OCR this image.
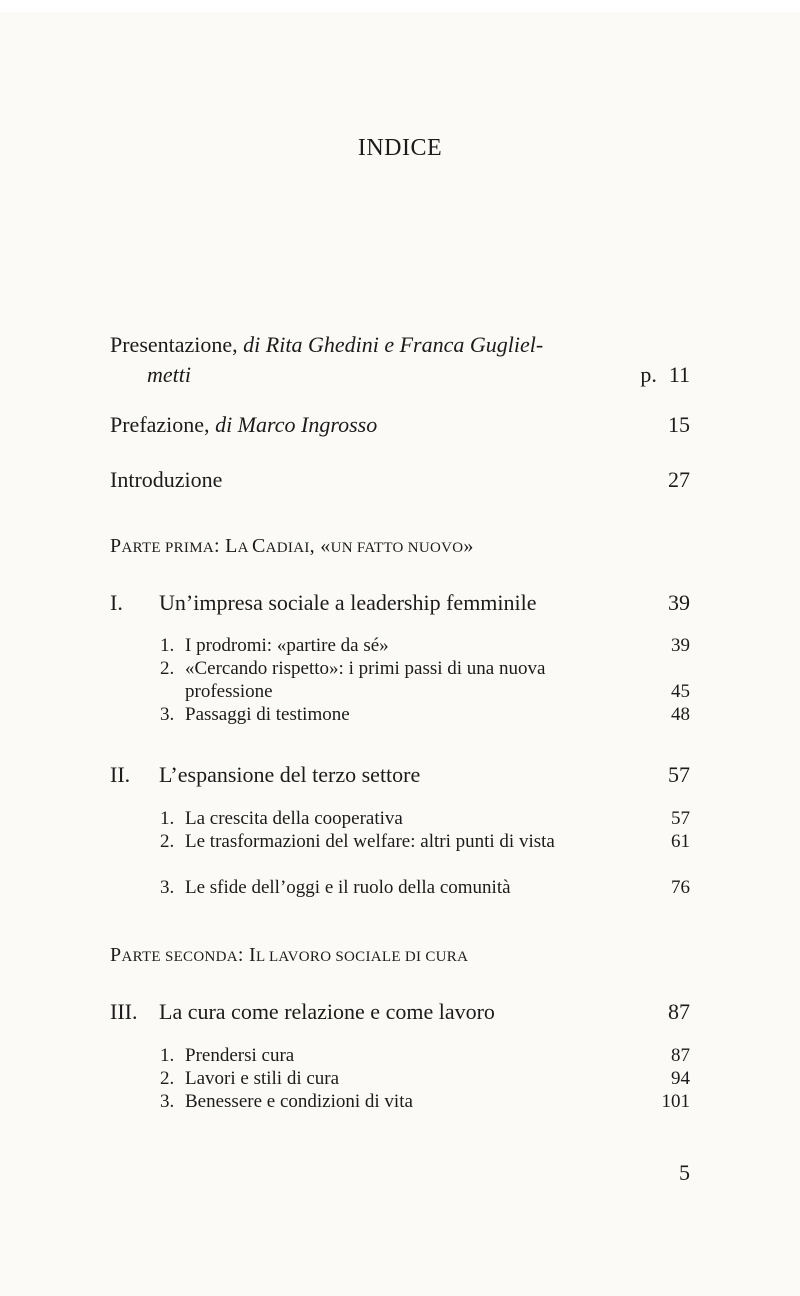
INDICE
Presentazione, di Rita Ghedini e Franca Gugliel-
metti	p. 11
Prefazione, di Marco Ingrosso	15
Introduzione	27
PARTE PRIMA: LA CADIAI, «UN FATTO NUOVO»
I. Un’impresa sociale a leadership femminile	39
1. I prodromi: «partire da sé»	39
2. «Cercando rispetto»: i primi passi di una nuova professione	45
3. Passaggi di testimone	48
II. L’espansione del terzo settore	57
1. La crescita della cooperativa	57
2. Le trasformazioni del welfare: altri punti di vista	61
3. Le sfide dell’oggi e il ruolo della comunità	76
PARTE SECONDA: IL LAVORO SOCIALE DI CURA
III. La cura come relazione e come lavoro	87
1. Prendersi cura	87
2. Lavori e stili di cura	94
3. Benessere e condizioni di vita	101
5
